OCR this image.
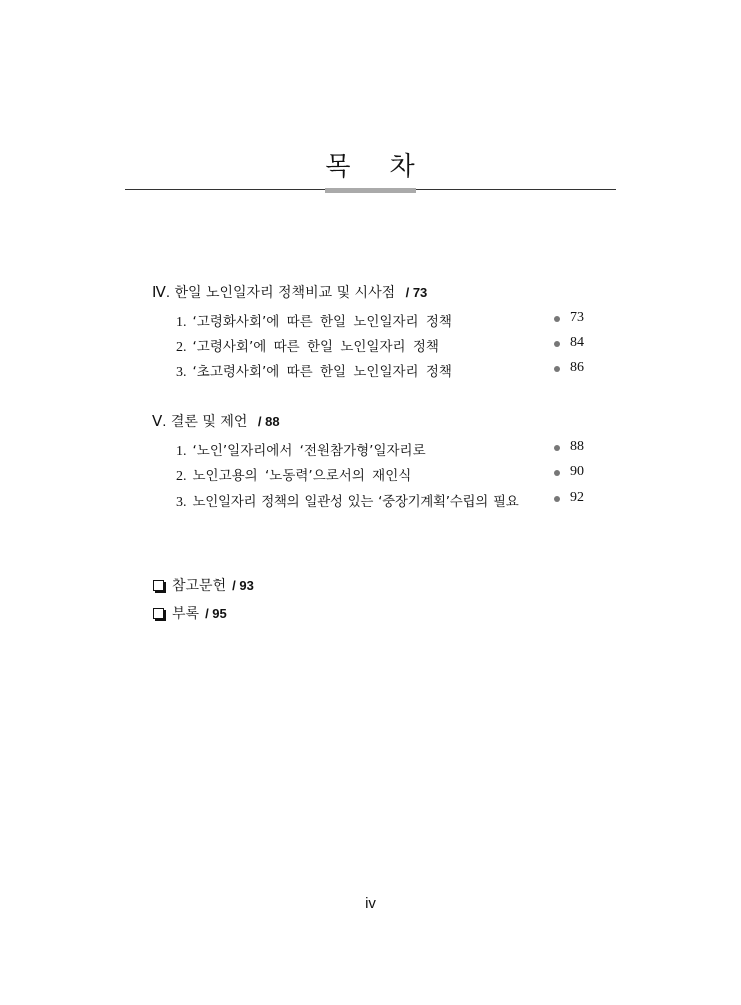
목 차
Ⅳ. 한일 노인일자리 정책비교 및 시사점 / 73
1. ‘고령화사회’에 따른 한일 노인일자리 정책	73
2. ‘고령사회’에 따른 한일 노인일자리 정책	84
3. ‘초고령사회’에 따른 한일 노인일자리 정책	86
Ⅴ. 결론 및 제언 / 88
1. ‘노인’일자리에서 ‘전원참가형’일자리로	88
2. 노인고용의 ‘노동력’으로서의 재인식	90
3. 노인일자리 정책의 일관성 있는 ‘중장기계획’수립의 필요	92
참고문헌 / 93
부록 / 95
iv
